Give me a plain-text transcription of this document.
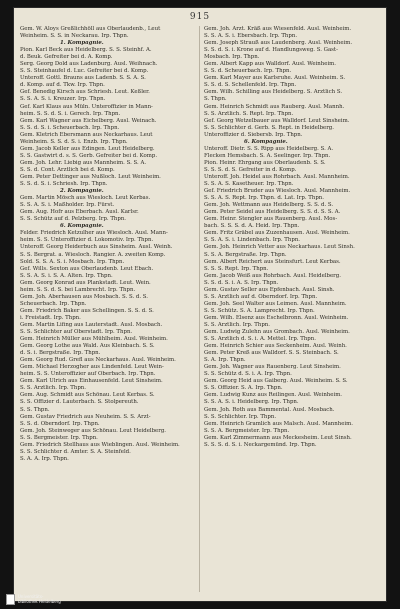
915
Gem. W. Aloys Greßlichhöll aus Oberlaudenb., Leut
Weinheim. S. S. in Neckarau. Irp. Thpn.
1. Kompagnie.
Pion. Karl Beck aus Heidelberg. S. S. Steinhf. Ä.
d. Beuk. Gefreiter bei d. A. Komp.
Serg. Georg Dold aus Ladenburg. Ausl. Weihnach.
S. S. Steinhaufel d. Luc. Gefreiter bei d. Komp.
Unteroff. Gottl. Brauns aus Ladenb. S. S. Ä. S.
d. Komp. auf d. Tkw. Irp. Thpn.
Gef. Benedig Kirsch aus Schriesh. Leut. Keßler.
S. S. Ä. S. i. Kreuzer. Irp. Thpn.
Gef. Karl Klaus aus Müln. Unteroffizier in Mann-
heim. S. S. d. S. i. Gerech. Irp. Thpn.
Gem. Karl Wagner aus Eichelberg. Ausl. Weinach.
S. S. d. S. i. Scheuerbach. Irp. Thpn.
Gem. Kletrich Ebersmann aus Neckarhaus. Leut
Weinheim. S. S. d. S. i. Enzb. Irp. Thpn.
Gem. Jacob Keller aus Edingen. Leut Heidelberg.
S. S. Gastwirt d. s. S. Gerb. Gefreiter bei d. Komp.
Gem. Joh. Lehr. Liebig aus Mannheim. S. S. Ä.
S. S. d. Cont. Ärztlich bei d. Komp.
Gem. Peter Dettinger aus Nußloch. Leut Weinheim.
S. S. d. S. i. Schriesh. Irp. Thpn.
2. Kompagnie.
Gem. Martin Mösch aus Wiesloch. Leut Kerbas.
S. S. Ä. S. i. Maßholder. Irp. Fürst.
Gem. Aug. Hofr aus Eberbach. Ausl. Karlsr.
S. S. Schütz auf d. Pelzberg. Irp. Thpn.
6. Kompagnie.
Felder. Friedrich Ketzulher aus Wiesloch. Ausl. Mann-
heim. S. S. Unteroffizier d. Lokomotiv. Irp. Thpn.
Unteroff. Georg Heiderbuch aus Sinsheim. Ausl. Weinh.
S. S. Bergrat. a. Wiesloch. Rangier. Ä. zweiten Komp.
Sold. S. S. Ä. S. i. Mosbach. Irp. Thpn.
Gef. Wills. Sexton aus Oberlaudenb. Leut Ebach.
S. S. Ä. S. i. S. Ä. Alten. Irp. Thpn.
Gem. Georg Konrad aus Plankstadt. Leut. Wein.
heim. S. S. d. S. bei Lambrecht. Irp. Thpn.
Gem. Joh. Aberhausen aus Mosbach. S. S. d. S.
Scheuerbach. Irp. Thpn.
Gem. Friedrich Baker aus Schellingen. S. S. d. S.
i. Freistadt. Irp. Thpn.
Gem. Martin Lifing aus Lauterstadt. Ausl. Mosbach.
S. S. Schlichter auf Oberstadt. Irp. Thpn.
Gem. Heinrich Müller aus Mühlheim. Ausl. Weinheim.
Gem. Georg Lothe aus Wald. Aus Kleinbach. S. S.
d. S. i. Bergstraße. Irp. Thpn.
Gem. Georg Rud. Grefl aus Neckarhaus. Ausl. Weinheim.
Gem. Michael Herzogher aus Lindenfeld. Leut Wein-
heim. S. S. Unteroffizier auf Oberbach. Irp. Thpn.
Gem. Karl Ulrich aus Einhausenfeld. Leut Sinsheim.
S. S. Ärztlich. Irp. Thpn.
Gem. Aug. Schmidt aus Schönau. Leut Kerbas. S.
S. S. Offizier d. Lauterbach. S. Stolpereuth.
S. S. Thpn.
Gem. Gustav Friedrich aus Neuheim. S. S. Ärzt-
S. S. d. Oberndorf. Irp. Thpn.
Gem. Joh. Steinweger aus Schönau. Leut Heidelberg.
S. S. Bergmeister. Irp. Thpn.
Gem. Friedrich Stellhaus aus Wieblingen. Ausl. Weinheim.
S. S. Schlichter d. Ämter. S. Ä. Steinfeld.
S. Ä. Ä. Irp. Thpn.
Gem. Joh. Ärzt. Kräß aus Wiesenfeld. Ausl. Weinheim.
S. S. Ä. S. i. Ebersbach. Irp. Thpn.
Gem. Joseph Strauß aus Laudenberg. Ausl. Weinheim.
S. S. d. S. i. Krone auf d. Handlungsweg. S. Gast-
Mosbach. Irp. Thpn.
Gem. Albert Kapp aus Walldorf. Ausl. Weinheim.
S. S. d. Scheuerbach. Irp. Thpn.
Gem. Karl Mayer aus Karlsruhe. Ausl. Weinheim. S.
S. S. d. S. Schellenfeld. Irp. Thpn.
Gem. Wilh. Schilling aus Heidelberg. S. Ärztlich S.
S. Thpn.
Gem. Heinrich Schmidt aus Rauberg. Ausl. Mannh.
S. S. Ärztlich. S. Rept. Irp. Thpn.
Gef. Georg Wetzelbauer aus Walldorf. Leut Sinsheim.
S. S. Schlichter d. Gerb. S. Rept. in Heidelberg.
Unteroffizier d. Siebersb. Irp. Thpn.
6. Kompagnie.
Unteroff. Dietr. S. S. Ripp aus Heidelberg. S. Ä.
Flecken Hemsbach. S. Ä. Seelinger. Irp. Thpn.
Pion. Heinr. Ehrgang aus Oberlaudenb. S. S.
S. S. S. d. S. Gefreiter in d. Komp.
Unteroff. Joh. Heidel aus Rohrbach. Ausl. Mannheim.
S. S. Ä. S. Kasetheuer. Irp. Thpn.
Gef. Friedrich Bruder aus Wiesloch. Ausl. Mannheim.
S. S. Ä. S. Rept. Irp. Thpn. d. Lat. Irp. Thpn.
Gem. Joh. Wettmann aus Heidelberg. S. S. d. S.
Gem. Peter Seidel aus Heidelberg. S. S. d. S. S. Ä.
Gem. Heinr. Stengler aus Rauenberg. Ausl. Mos-
bach. S. S. S. d. Ä. Heid. Irp. Thpn.
Gem. Fritz Gräbel aus Zuzenhausen. Ausl. Weinheim.
S. S. Ä. S. i. Lindenbach. Irp. Thpn.
Gem. Joh. Heinrich Vetter aus Neckarhaus. Leut Sinsh.
S. S. Ä. Bergstraße. Irp. Thpn.
Gem. Albert Reichert aus Steinsfurt. Leut Kerbas.
S. S. S. Rept. Irp. Thpn.
Gem. Jacob Weiß aus Rohrbach. Ausl. Heidelberg.
S. S. d. S. i. Ä. S. Irp. Thpn.
Gem. Gustav Seller aus Epfenbach. Ausl. Sinsh.
S. S. Ärztlich auf d. Oberndorf. Irp. Thpn.
Gem. Joh. Seel Walter aus Leimen. Ausl. Mannheim.
S. S. Schütz. S. Ä. Lamprecht. Irp. Thpn.
Gem. Wilh. Elsenz aus Eschelbronn. Ausl. Weinheim.
S. S. Ärztlich. Irp. Thpn.
Gem. Ludwig Zulehn aus Grombach. Ausl. Weinheim.
S. S. Ärztlich d. S. i. Ä. Mettel. Irp. Thpn.
Gem. Heinrich Schier aus Seckenheim. Ausl. Weinh.
Gem. Peter Kreß aus Walldorf. S. S. Steinbach. S.
S. Ä. Irp. Thpn.
Gem. Joh. Wagner aus Rauenberg. Leut Sinsheim.
S. S. Schütz d. S. i. Ä. Irp. Thpn.
Gem. Georg Heid aus Gaiberg. Ausl. Weinheim. S. S.
S. S. Offizier. S. Ä. Irp. Thpn.
Gem. Ludwig Kunz aus Reilingen. Ausl. Weinheim.
S. S. Ä. S. i. Heidelberg. Irp. Thpn.
Gem. Joh. Roth aus Bammental. Ausl. Mosbach.
S. S. Schlichter. Irp. Thpn.
Gem. Heinrich Gramlich aus Malsch. Ausl. Mannheim.
S. S. Ä. Bergmeister. Irp. Thpn.
Gem. Karl Zimmermann aus Meckesheim. Leut Sinsh.
S. S. S. d. S. i. Neckargemünd. Irp. Thpn.
Universitäts-
bibliothek Heidelberg
